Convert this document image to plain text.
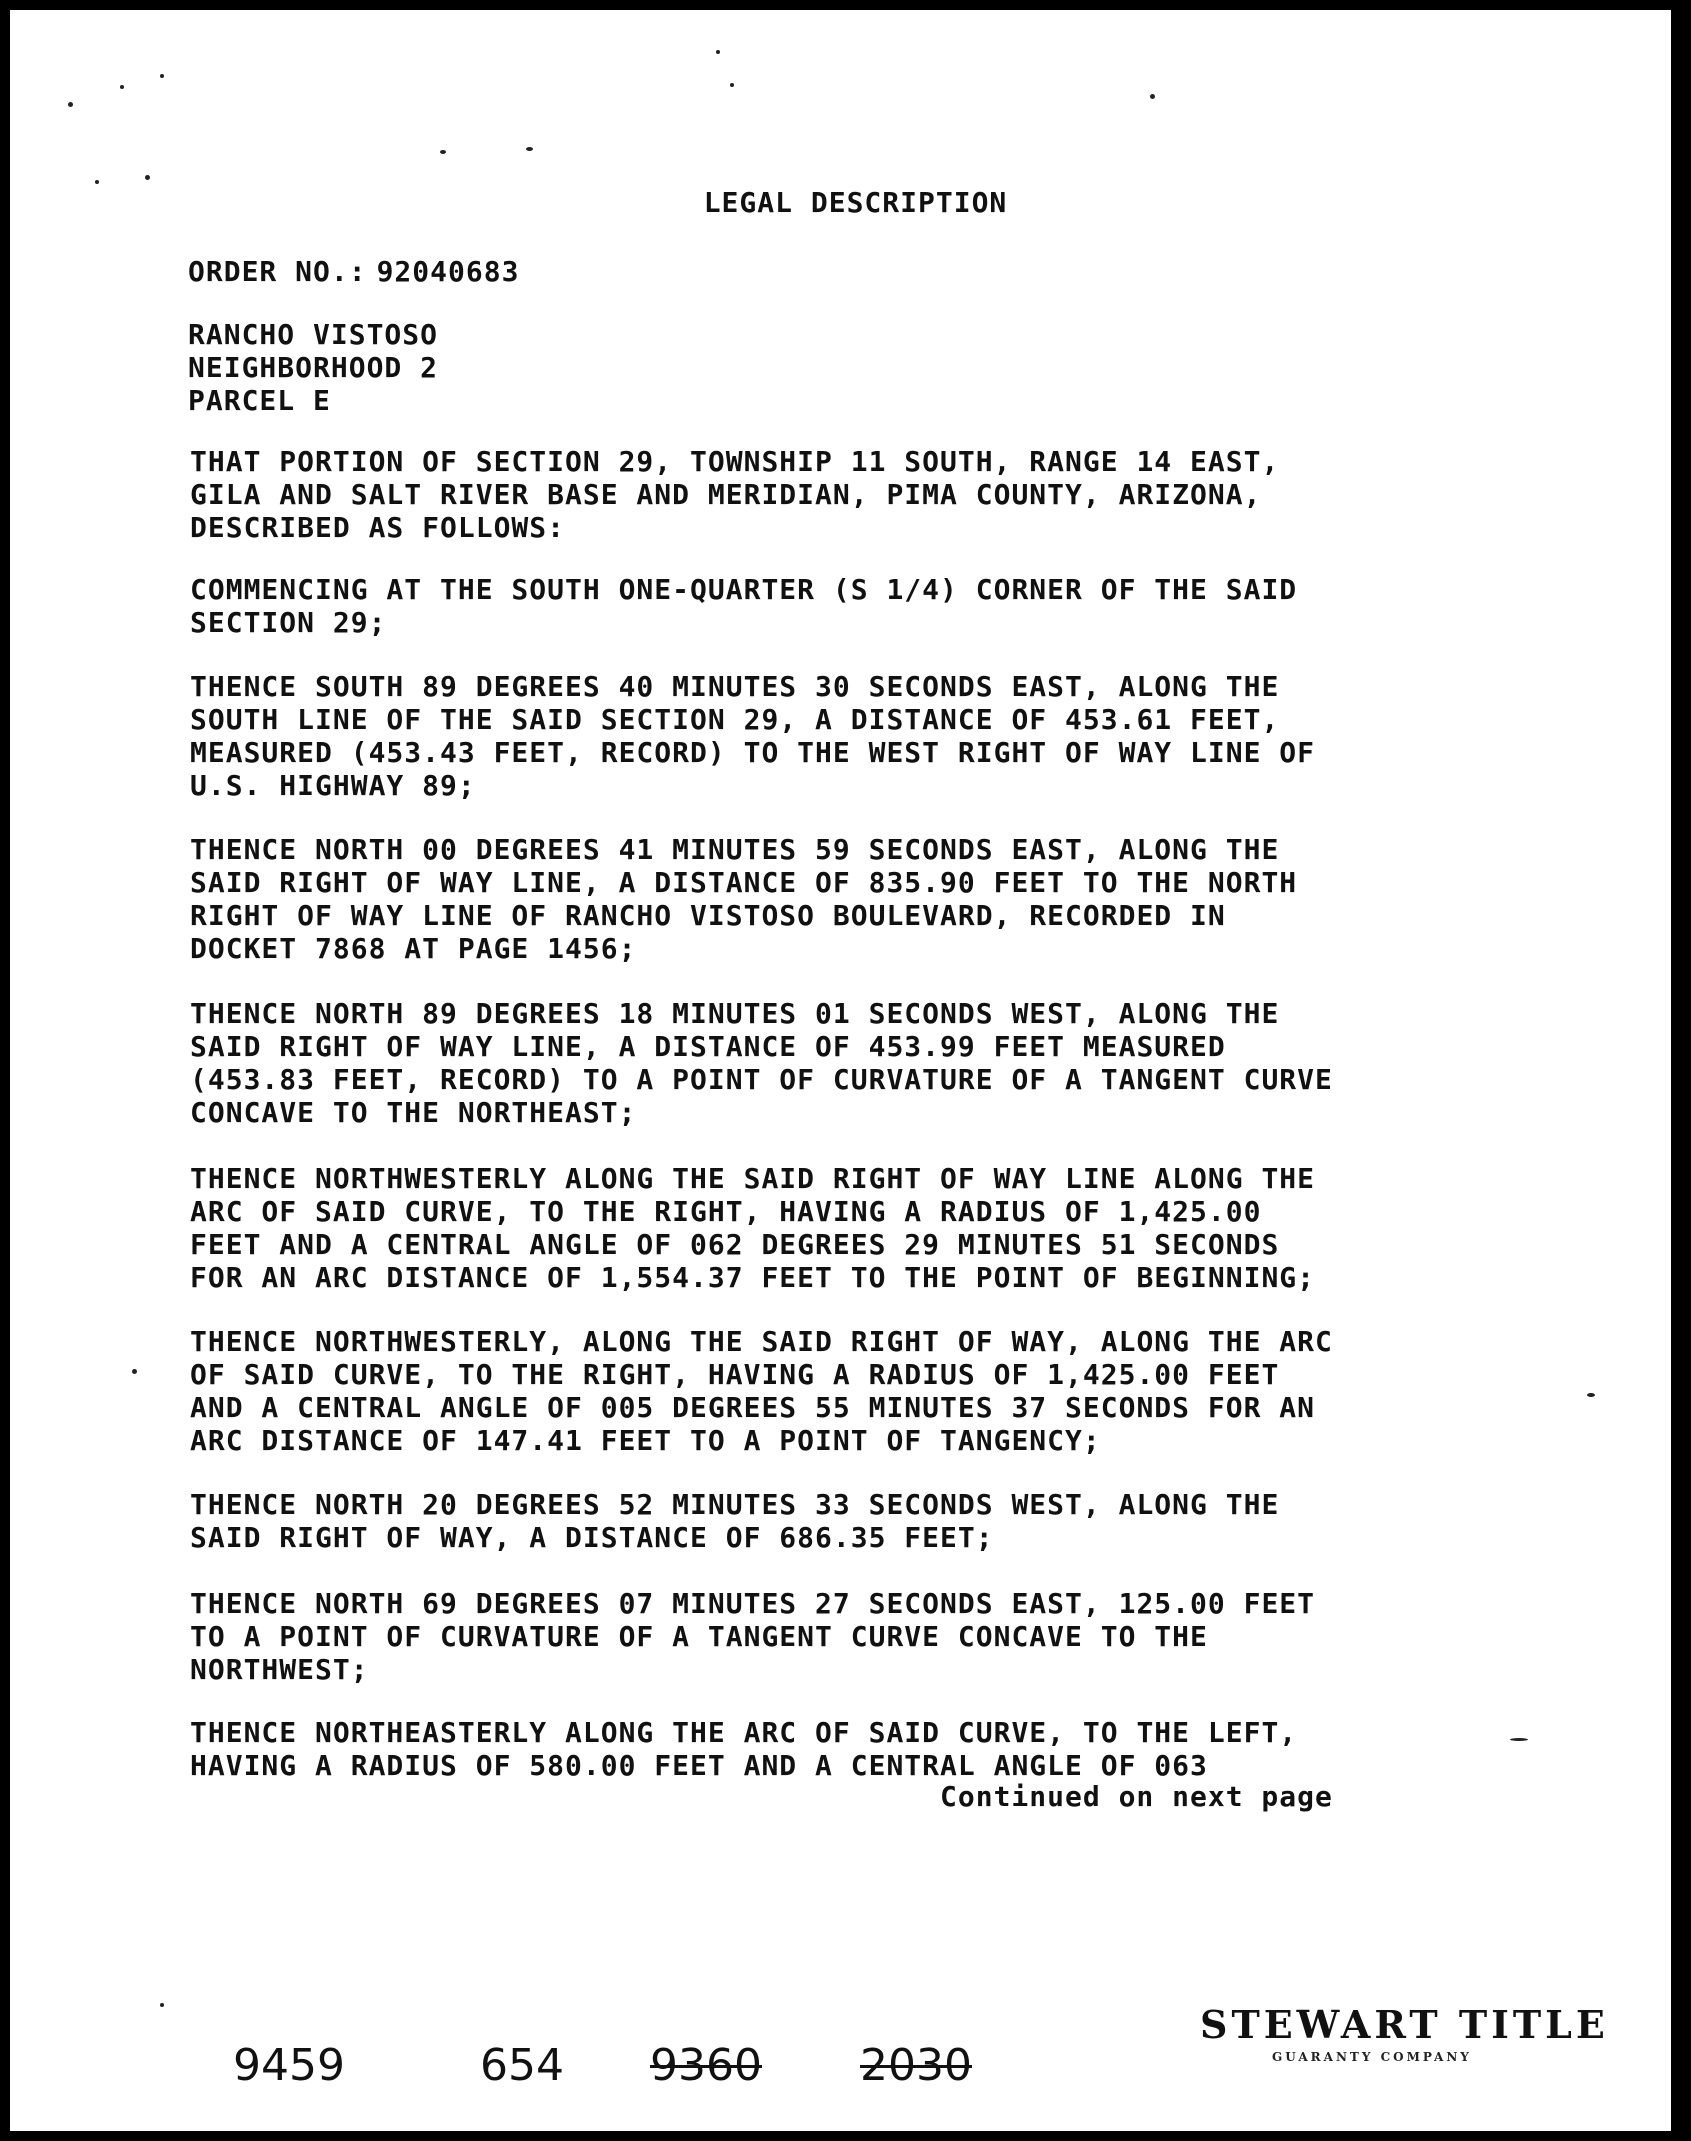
LEGAL DESCRIPTION
ORDER NO.: 92040683
RANCHO VISTOSO
NEIGHBORHOOD 2
PARCEL E

THAT PORTION OF SECTION 29, TOWNSHIP 11 SOUTH, RANGE 14 EAST,
GILA AND SALT RIVER BASE AND MERIDIAN, PIMA COUNTY, ARIZONA,
DESCRIBED AS FOLLOWS:

COMMENCING AT THE SOUTH ONE-QUARTER (S 1/4) CORNER OF THE SAID
SECTION 29;

THENCE SOUTH 89 DEGREES 40 MINUTES 30 SECONDS EAST, ALONG THE
SOUTH LINE OF THE SAID SECTION 29, A DISTANCE OF 453.61 FEET,
MEASURED (453.43 FEET, RECORD) TO THE WEST RIGHT OF WAY LINE OF
U.S. HIGHWAY 89;

THENCE NORTH 00 DEGREES 41 MINUTES 59 SECONDS EAST, ALONG THE
SAID RIGHT OF WAY LINE, A DISTANCE OF 835.90 FEET TO THE NORTH
RIGHT OF WAY LINE OF RANCHO VISTOSO BOULEVARD, RECORDED IN
DOCKET 7868 AT PAGE 1456;

THENCE NORTH 89 DEGREES 18 MINUTES 01 SECONDS WEST, ALONG THE
SAID RIGHT OF WAY LINE, A DISTANCE OF 453.99 FEET MEASURED
(453.83 FEET, RECORD) TO A POINT OF CURVATURE OF A TANGENT CURVE
CONCAVE TO THE NORTHEAST;

THENCE NORTHWESTERLY ALONG THE SAID RIGHT OF WAY LINE ALONG THE
ARC OF SAID CURVE, TO THE RIGHT, HAVING A RADIUS OF 1,425.00
FEET AND A CENTRAL ANGLE OF 062 DEGREES 29 MINUTES 51 SECONDS
FOR AN ARC DISTANCE OF 1,554.37 FEET TO THE POINT OF BEGINNING;

THENCE NORTHWESTERLY, ALONG THE SAID RIGHT OF WAY, ALONG THE ARC
OF SAID CURVE, TO THE RIGHT, HAVING A RADIUS OF 1,425.00 FEET
AND A CENTRAL ANGLE OF 005 DEGREES 55 MINUTES 37 SECONDS FOR AN
ARC DISTANCE OF 147.41 FEET TO A POINT OF TANGENCY;

THENCE NORTH 20 DEGREES 52 MINUTES 33 SECONDS WEST, ALONG THE
SAID RIGHT OF WAY, A DISTANCE OF 686.35 FEET;

THENCE NORTH 69 DEGREES 07 MINUTES 27 SECONDS EAST, 125.00 FEET
TO A POINT OF CURVATURE OF A TANGENT CURVE CONCAVE TO THE
NORTHWEST;

THENCE NORTHEASTERLY ALONG THE ARC OF SAID CURVE, TO THE LEFT,
HAVING A RADIUS OF 580.00 FEET AND A CENTRAL ANGLE OF 063

Continued on next page
9459	654 9360 2030
STEWART TITLE
GUARANTY COMPANY
